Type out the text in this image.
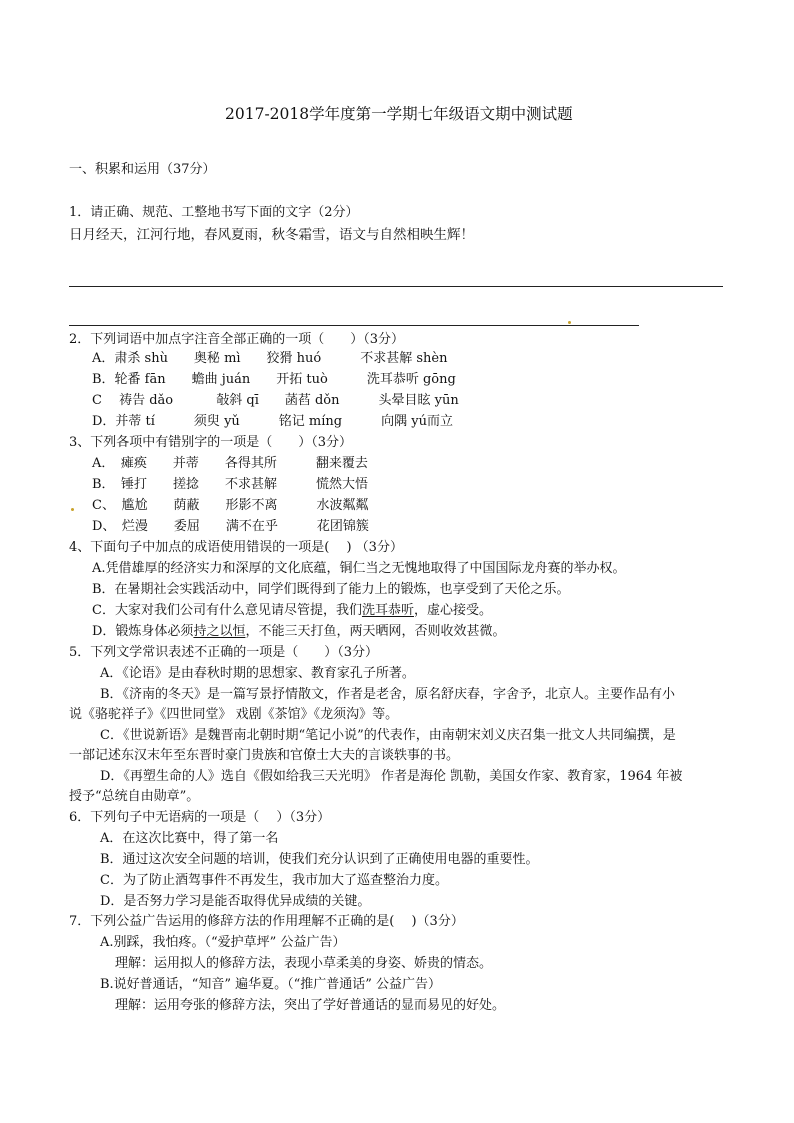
2017-2018学年度第一学期七年级语文期中测试题
一、积累和运用（37分）
1．请正确、规范、工整地书写下面的文字（2分）
日月经天，江河行地，春风夏雨，秋冬霜雪，语文与自然相映生辉！
2．下列词语中加点字注音全部正确的一项（　　）（3分）
A．肃杀 shù　　奥秘 mì　　狡猾 huó　　　不求甚解 shèn
B．轮番 fān　　蟾曲 juán　　开拓 tuò　　　洗耳恭听 gōng
C　 祷告 dǎo　　　 敧斜 qī　　菡萏 dǒn　　　头晕目眩 yūn
D．并蒂 tí　　　须臾 yǔ　　　铭记 míng　　　向隅 yú而立
3、下列各项中有错别字的一项是（　　）（3分）
A．　瘫痪　　并蒂　　各得其所　　　翻来覆去
B．　锤打　　搓捻　　不求甚解　　　慌然大悟
C、　尴尬　　荫蔽　　形影不离　　　水波粼粼
D、　烂漫　　委屈　　满不在乎　　　花团锦簇
4、下面句子中加点的成语使用错误的一项是(　 ) （3分）
A.凭借雄厚的经济实力和深厚的文化底蕴，铜仁当之无愧地取得了中国国际龙舟赛的举办权。
B．在暑期社会实践活动中，同学们既得到了能力上的锻炼，也享受到了天伦之乐。
C．大家对我们公司有什么意见请尽管提，我们洗耳恭听，虚心接受。
D．锻炼身体必须持之以恒，不能三天打鱼，两天晒网，否则收效甚微。
5．下列文学常识表述不正确的一项是（　　）（3分）
A．《论语》是由春秋时期的思想家、教育家孔子所著。
B．《济南的冬天》是一篇写景抒情散文，作者是老舍，原名舒庆春，字舍予，北京人。主要作品有小
说《骆驼祥子》《四世同堂》 戏剧《茶馆》《龙须沟》等。
C．《世说新语》是魏晋南北朝时期“笔记小说”的代表作，由南朝宋刘义庆召集一批文人共同编撰，是
一部记述东汉末年至东晋时豪门贵族和官僚士大夫的言谈轶事的书。
D．《再塑生命的人》选自《假如给我三天光明》 作者是海伦 凯勒，美国女作家、教育家，1964 年被
授予“总统自由勋章”。
6．下列句子中无语病的一项是（　 ）（3分）
A．在这次比赛中，得了第一名
B．通过这次安全问题的培训，使我们充分认识到了正确使用电器的重要性。
C．为了防止酒驾事件不再发生，我市加大了巡查整治力度。
D．是否努力学习是能否取得优异成绩的关键。
7．下列公益广告运用的修辞方法的作用理解不正确的是(　 )（3分）
A.别踩，我怕疼。（“爱护草坪” 公益广告）
理解：运用拟人的修辞方法，表现小草柔美的身姿、娇贵的情态。
B.说好普通话，“知音” 遍华夏。（“推广普通话” 公益广告）
理解：运用夸张的修辞方法，突出了学好普通话的显而易见的好处。
